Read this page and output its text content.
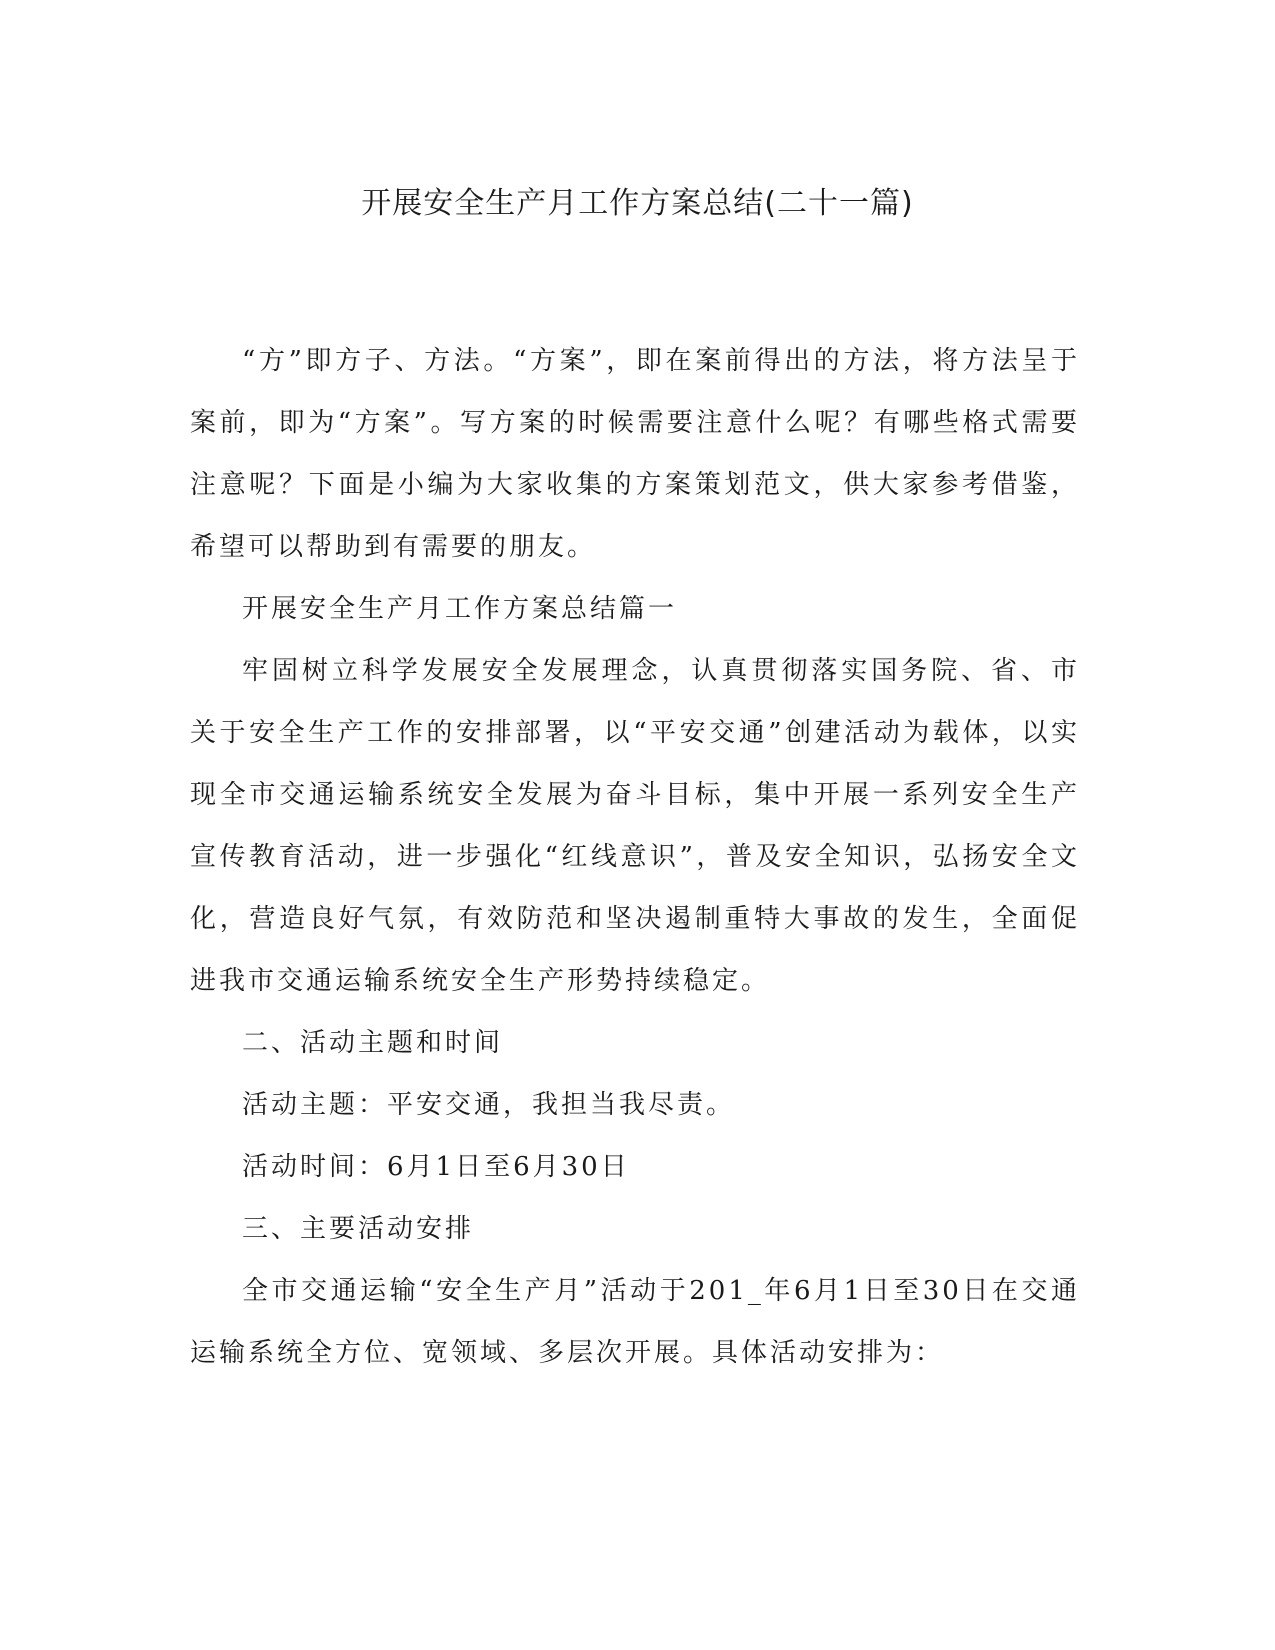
开展安全生产月工作方案总结(二十一篇)

“方”即方子、方法。“方案”，即在案前得出的方法，将方法呈于案前，即为“方案”。写方案的时候需要注意什么呢？有哪些格式需要注意呢？下面是小编为大家收集的方案策划范文，供大家参考借鉴，希望可以帮助到有需要的朋友。

开展安全生产月工作方案总结篇一

牢固树立科学发展安全发展理念，认真贯彻落实国务院、省、市关于安全生产工作的安排部署，以“平安交通”创建活动为载体，以实现全市交通运输系统安全发展为奋斗目标，集中开展一系列安全生产宣传教育活动，进一步强化“红线意识”，普及安全知识，弘扬安全文化，营造良好气氛，有效防范和坚决遏制重特大事故的发生，全面促进我市交通运输系统安全生产形势持续稳定。

二、活动主题和时间

活动主题：平安交通，我担当我尽责。

活动时间：6月1日至6月30日

三、主要活动安排

全市交通运输“安全生产月”活动于201_年6月1日至30日在交通运输系统全方位、宽领域、多层次开展。具体活动安排为：
